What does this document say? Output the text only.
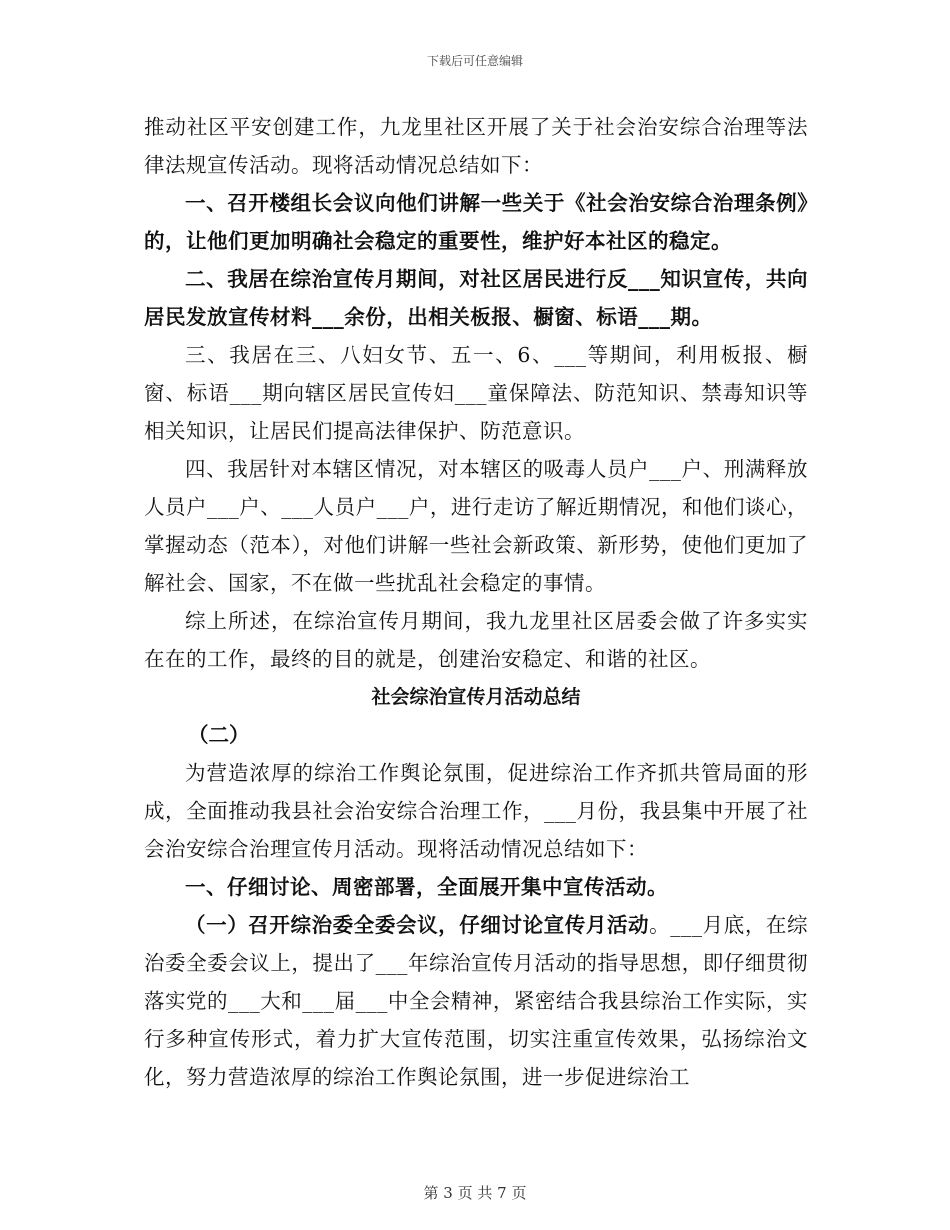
下载后可任意编辑

推动社区平安创建工作，九龙里社区开展了关于社会治安综合治理等法律法规宣传活动。现将活动情况总结如下：

一、召开楼组长会议向他们讲解一些关于《社会治安综合治理条例》的，让他们更加明确社会稳定的重要性，维护好本社区的稳定。

二、我居在综治宣传月期间，对社区居民进行反___知识宣传，共向居民发放宣传材料___余份，出相关板报、橱窗、标语___期。

三、我居在三、八妇女节、五一、6、___等期间，利用板报、橱窗、标语___期向辖区居民宣传妇___童保障法、防范知识、禁毒知识等相关知识，让居民们提高法律保护、防范意识。

四、我居针对本辖区情况，对本辖区的吸毒人员户___户、刑满释放人员户___户、___人员户___户，进行走访了解近期情况，和他们谈心，掌握动态（范本），对他们讲解一些社会新政策、新形势，使他们更加了解社会、国家，不在做一些扰乱社会稳定的事情。

综上所述，在综治宣传月期间，我九龙里社区居委会做了许多实实在在的工作，最终的目的就是，创建治安稳定、和谐的社区。

社会综治宣传月活动总结

（二）

为营造浓厚的综治工作舆论氛围，促进综治工作齐抓共管局面的形成，全面推动我县社会治安综合治理工作，___月份，我县集中开展了社会治安综合治理宣传月活动。现将活动情况总结如下：

一、仔细讨论、周密部署，全面展开集中宣传活动。

（一）召开综治委全委会议，仔细讨论宣传月活动。___月底，在综治委全委会议上，提出了___年综治宣传月活动的指导思想，即仔细贯彻落实党的___大和___届___中全会精神，紧密结合我县综治工作实际，实行多种宣传形式，着力扩大宣传范围，切实注重宣传效果，弘扬综治文化，努力营造浓厚的综治工作舆论氛围，进一步促进综治工

第 3 页 共 7 页
